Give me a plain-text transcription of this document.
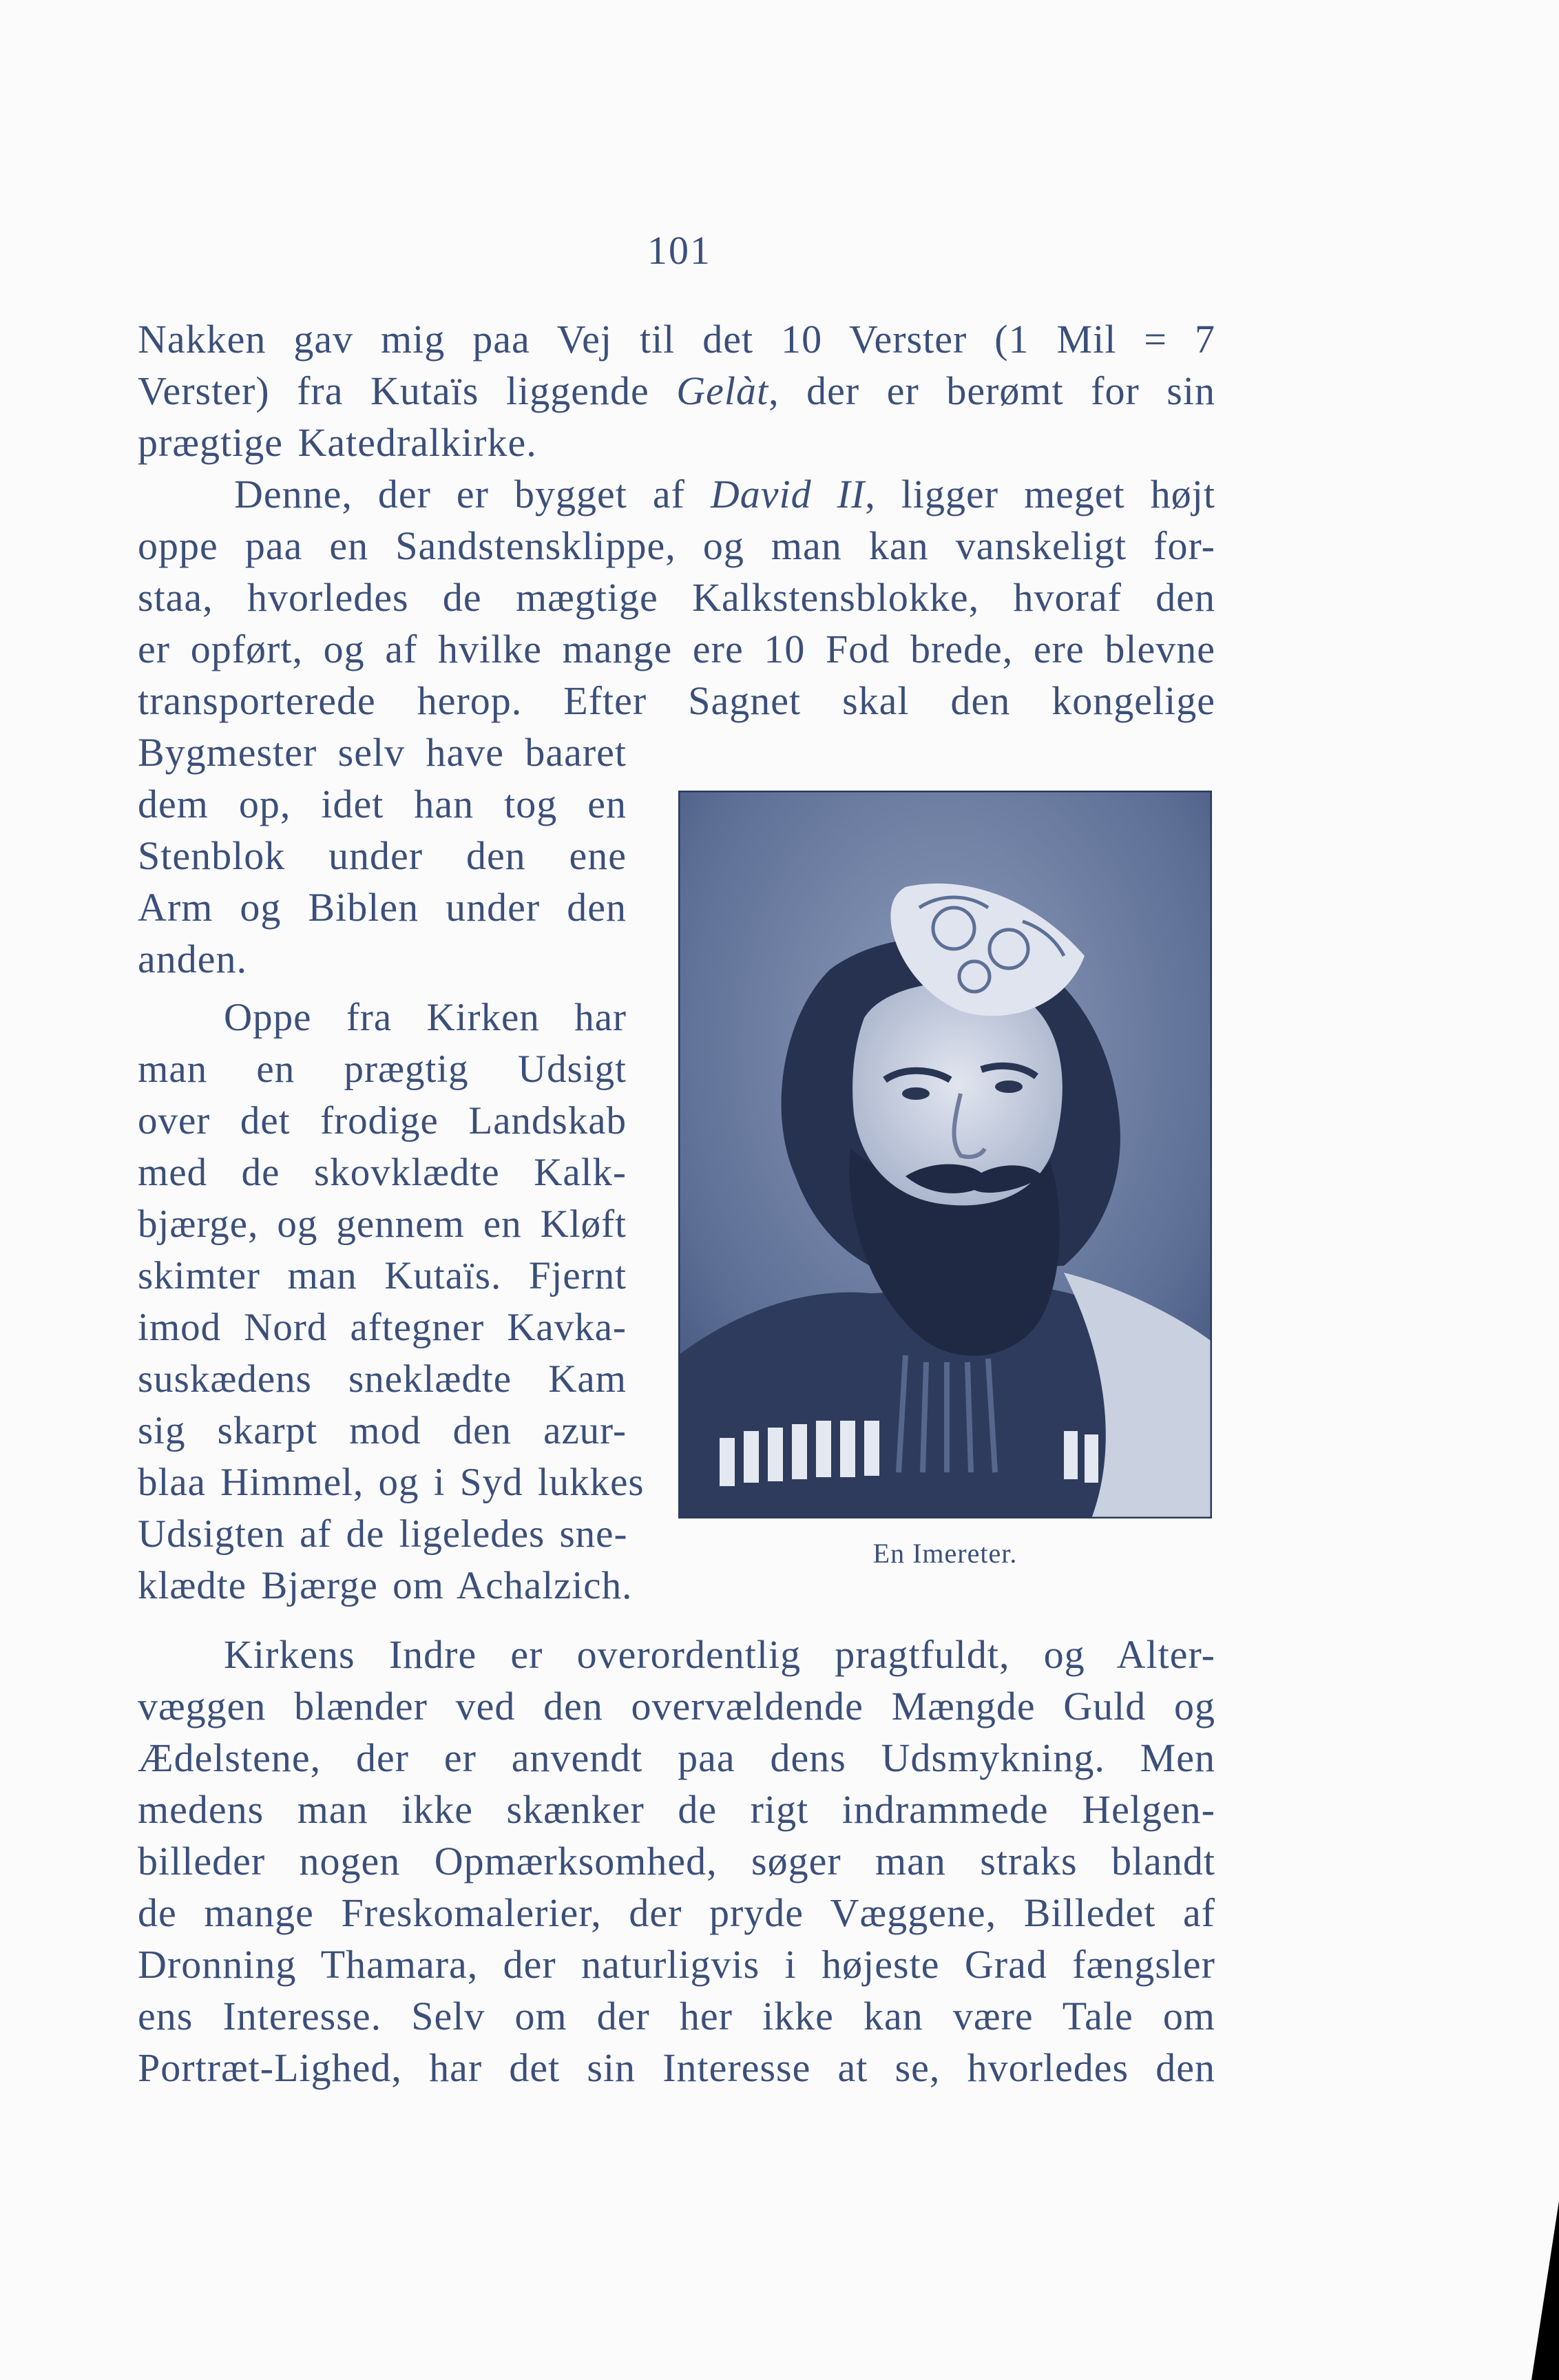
101

Nakken gav mig paa Vej til det 10 Verster (1 Mil = 7
Verster) fra Kutaïs liggende Gelàt, der er berømt for sin
prægtige Katedralkirke.

Denne, der er bygget af David II, ligger meget højt
oppe paa en Sandstensklippe, og man kan vanskeligt for-
staa, hvorledes de mægtige Kalkstensblokke, hvoraf den
er opført, og af hvilke mange ere 10 Fod brede, ere blevne
transporterede herop. Efter Sagnet skal den kongelige
Bygmester selv have baaret
dem op, idet han tog en
Stenblok under den ene
Arm og Biblen under den
anden.

Oppe fra Kirken har
man en prægtig Udsigt
over det frodige Landskab
med de skovklædte Kalk-
bjærge, og gennem en Kløft
skimter man Kutaïs. Fjernt
imod Nord aftegner Kavka-
suskædens sneklædte Kam
sig skarpt mod den azur-
blaa Himmel, og i Syd lukkes
Udsigten af de ligeledes sne-
klædte Bjærge om Achalzich.

En Imereter.

Kirkens Indre er overordentlig pragtfuldt, og Alter-
væggen blænder ved den overvældende Mængde Guld og
Ædelstene, der er anvendt paa dens Udsmykning. Men
medens man ikke skænker de rigt indrammede Helgen-
billeder nogen Opmærksomhed, søger man straks blandt
de mange Freskomalerier, der pryde Væggene, Billedet af
Dronning Thamara, der naturligvis i højeste Grad fængsler
ens Interesse. Selv om der her ikke kan være Tale om
Portræt-Lighed, har det sin Interesse at se, hvorledes den
